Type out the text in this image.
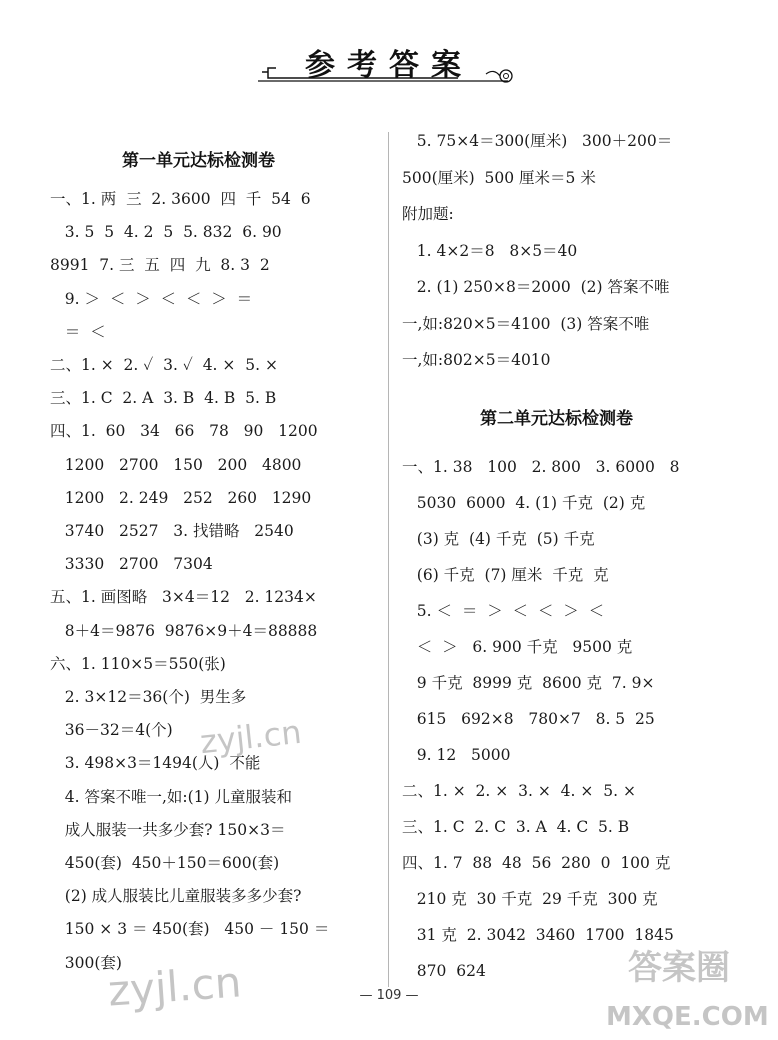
参考答案
第一单元达标检测卷
一、1. 两  三  2. 3600  四  千  54  6
3. 5  5  4. 2  5  5. 832  6. 90
8991  7. 三  五  四  九  8. 3  2
9. ＞  ＜  ＞  ＜  ＜  ＞  ＝
＝  ＜
二、1. ×  2. ✓  3. ✓  4. ×  5. ×
三、1. C  2. A  3. B  4. B  5. B
四、1.  60   34   66   78   90   1200
1200   2700   150   200   4800
1200   2. 249   252   260   1290
3740   2527   3. 找错略   2540
3330   2700   7304
五、1. 画图略   3×4＝12   2. 1234×
8＋4＝9876  9876×9＋4＝88888
六、1. 110×5＝550(张)
2. 3×12＝36(个)  男生多
36－32＝4(个)
3. 498×3＝1494(人)  不能
4. 答案不唯一,如:(1) 儿童服装和
成人服装一共多少套? 150×3＝
450(套)  450＋150＝600(套)
(2) 成人服装比儿童服装多多少套?
150 × 3 ＝ 450(套)   450 － 150 ＝
300(套)
5. 75×4＝300(厘米)   300＋200＝
500(厘米)  500 厘米＝5 米
附加题:
1. 4×2＝8   8×5＝40
2. (1) 250×8＝2000  (2) 答案不唯
一,如:820×5＝4100  (3) 答案不唯
一,如:802×5＝4010
第二单元达标检测卷
一、1. 38   100   2. 800   3. 6000   8
5030  6000  4. (1) 千克  (2) 克
(3) 克  (4) 千克  (5) 千克
(6) 千克  (7) 厘米  千克  克
5. ＜  ＝  ＞  ＜  ＜  ＞  ＜
＜  ＞   6. 900 千克   9500 克
9 千克  8999 克  8600 克  7. 9×
615   692×8   780×7   8. 5  25
9. 12   5000
二、1. ×  2. ×  3. ×  4. ×  5. ×
三、1. C  2. C  3. A  4. C  5. B
四、1. 7  88  48  56  280  0  100 克
210 克  30 千克  29 千克  300 克
31 克  2. 3042  3460  1700  1845
870  624
— 109 —
zyjl.cn
zyjl.cn	答案圈
MXQE.COM
